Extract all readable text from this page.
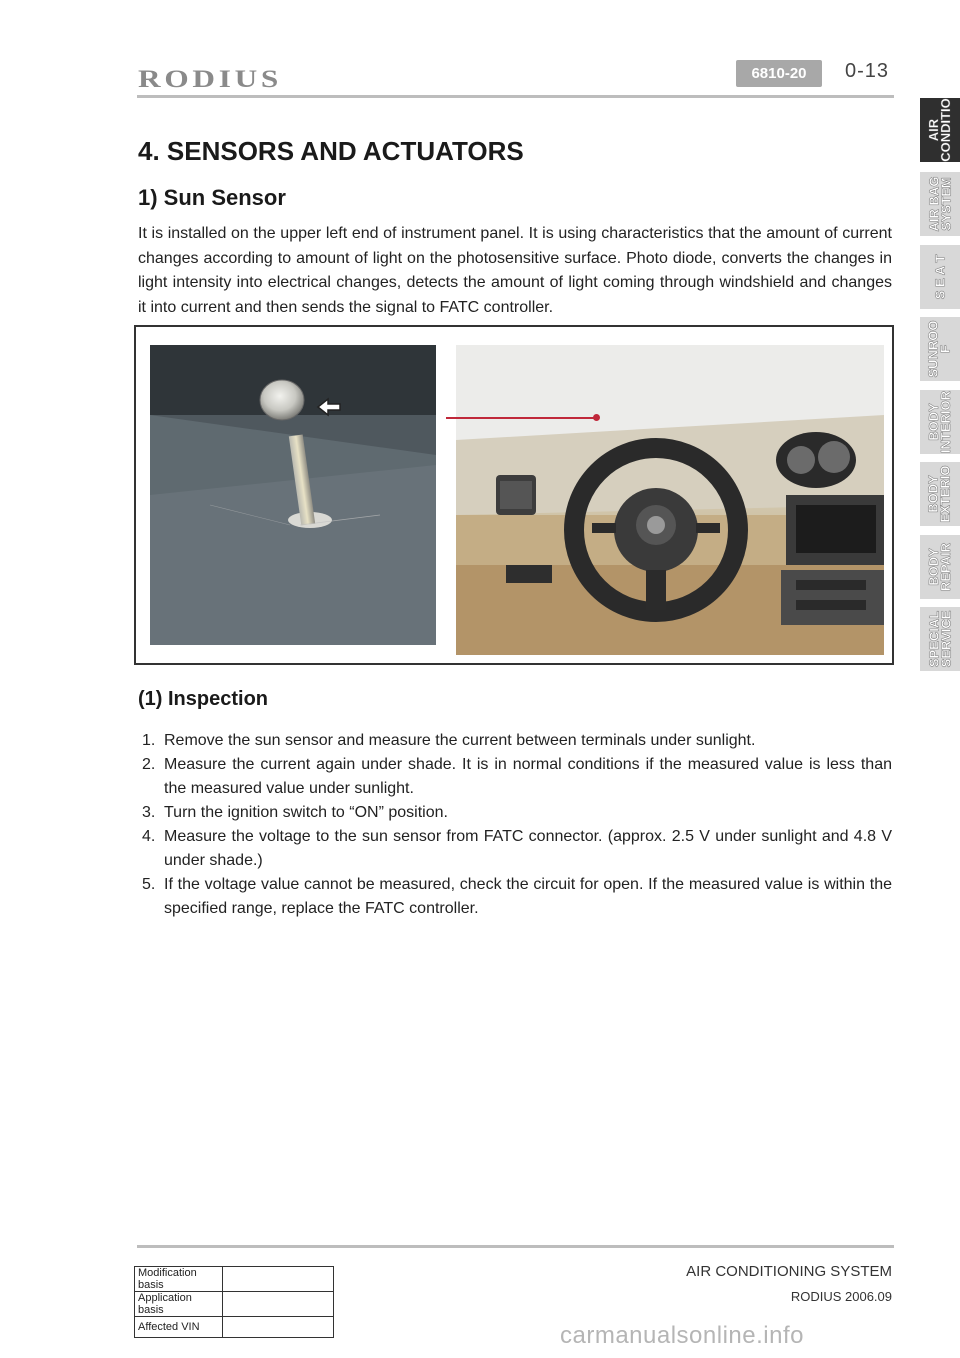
RODIUS	6810-20	0-13
AIR
CONDITIO
AIR BAG
SYSTEM
S E A T
SUNROO
F
BODY
INTERIOR
BODY
EXTERIO
BODY
REPAIR
SPECIAL
SERVICE
4. SENSORS AND ACTUATORS
1) Sun Sensor

It is installed on the upper left end of instrument panel. It is using characteristics that the amount of current changes according to amount of light on the photosensitive surface. Photo diode, converts the changes in light intensity into electrical changes, detects the amount of light coming through windshield and changes it into current and then sends the signal to FATC controller.

(1) Inspection
1. Remove the sun sensor and measure the current between terminals under sunlight.
2. Measure the current again under shade. It is in normal conditions if the measured value is less than the measured value under sunlight.
3. Turn the ignition switch to “ON” position.
4. Measure the voltage to the sun sensor from FATC connector. (approx. 2.5 V under sunlight and 4.8 V under shade.)
5. If the voltage value cannot be measured, check the circuit for open. If the measured value is within the specified range, replace the FATC controller.
AIR CONDITIONING SYSTEM
RODIUS 2006.09
Modification basis	
Application basis	
Affected VIN		carmanualsonline.info
